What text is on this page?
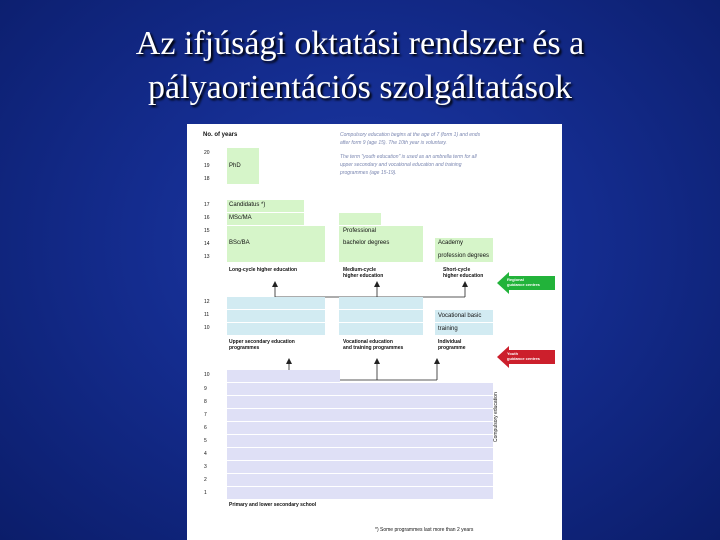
Az ifjúsági oktatási rendszer és a
pályaorientációs szolgáltatások
No. of years	Compulsory education begins at the age of 7 (form 1) and ends
after form 9 (age 15). The 10th year is voluntary.
The term "youth education" is used as an umbrella term for all
upper secondary and vocational education and training
programmes (age 15-19).
20
19
18
17
16
15
14
13
12
11
10
10
9
8
7
6
5
4
3
2
1
PhD
Candidatus *)
MSc/MA
BSc/BA
Professional
bachelor degrees	Academy
profession degrees
Long-cycle higher education	Medium-cycle
higher education
Short-cycle
higher education
Regional
guidance centres
Vocational basic
training
Upper secondary education
programmes
Vocational education
and training programmes
Individual
programme
Youth
guidance centres
Primary and lower secondary school
Compulsory education
*) Some programmes last more than 2 years
